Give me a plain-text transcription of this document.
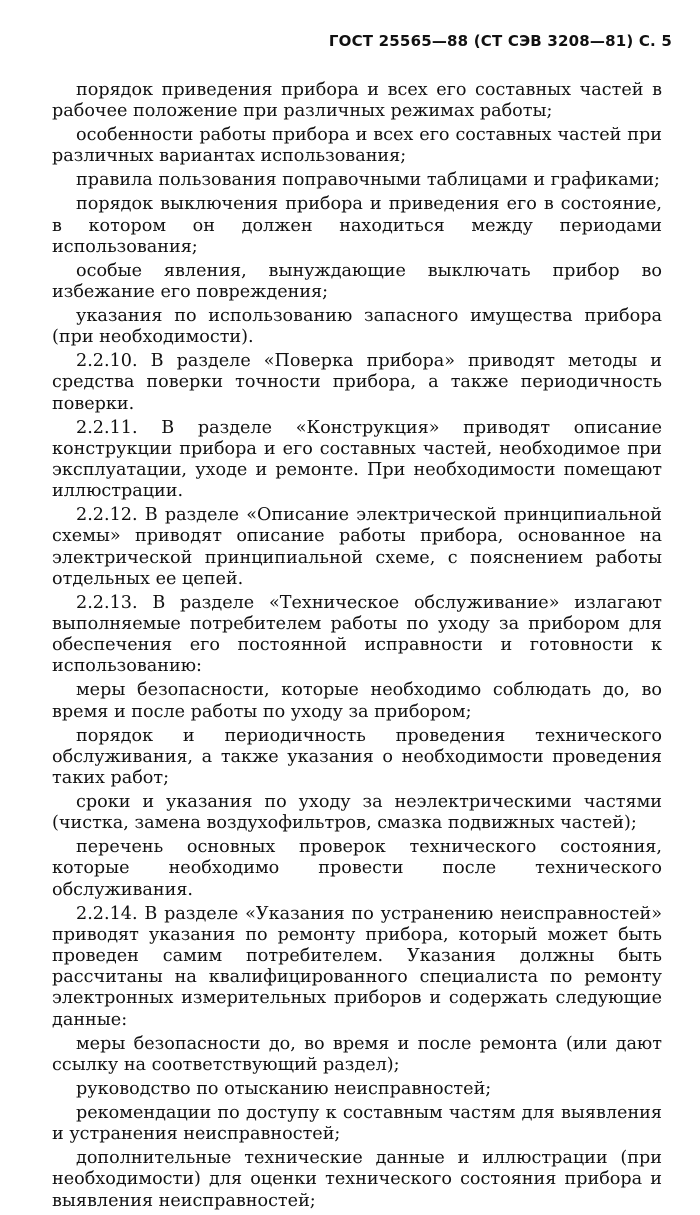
ГОСТ 25565—88 (СТ СЭВ 3208—81) С. 5

порядок приведения прибора и всех его составных частей в рабочее положение при различных режимах работы;

особенности работы прибора и всех его составных частей при различных вариантах использования;

правила пользования поправочными таблицами и графиками;

порядок выключения прибора и приведения его в состояние, в котором он должен находиться между периодами использования;

особые явления, вынуждающие выключать прибор во избежание его повреждения;

указания по использованию запасного имущества прибора (при необходимости).

2.2.10. В разделе «Поверка прибора» приводят методы и средства поверки точности прибора, а также периодичность поверки.

2.2.11. В разделе «Конструкция» приводят описание конструкции прибора и его составных частей, необходимое при эксплуатации, уходе и ремонте. При необходимости помещают иллюстрации.

2.2.12. В разделе «Описание электрической принципиальной схемы» приводят описание работы прибора, основанное на электрической принципиальной схеме, с пояснением работы отдельных ее цепей.

2.2.13. В разделе «Техническое обслуживание» излагают выполняемые потребителем работы по уходу за прибором для обеспечения его постоянной исправности и готовности к использованию:

меры безопасности, которые необходимо соблюдать до, во время и после работы по уходу за прибором;

порядок и периодичность проведения технического обслуживания, а также указания о необходимости проведения таких работ;

сроки и указания по уходу за неэлектрическими частями (чистка, замена воздухофильтров, смазка подвижных частей);

перечень основных проверок технического состояния, которые необходимо провести после технического обслуживания.

2.2.14. В разделе «Указания по устранению неисправностей» приводят указания по ремонту прибора, который может быть проведен самим потребителем. Указания должны быть рассчитаны на квалифицированного специалиста по ремонту электронных измерительных приборов и содержать следующие данные:

меры безопасности до, во время и после ремонта (или дают ссылку на соответствующий раздел);

руководство по отысканию неисправностей;

рекомендации по доступу к составным частям для выявления и устранения неисправностей;

дополнительные технические данные и иллюстрации (при необходимости) для оценки технического состояния прибора и выявления неисправностей;
